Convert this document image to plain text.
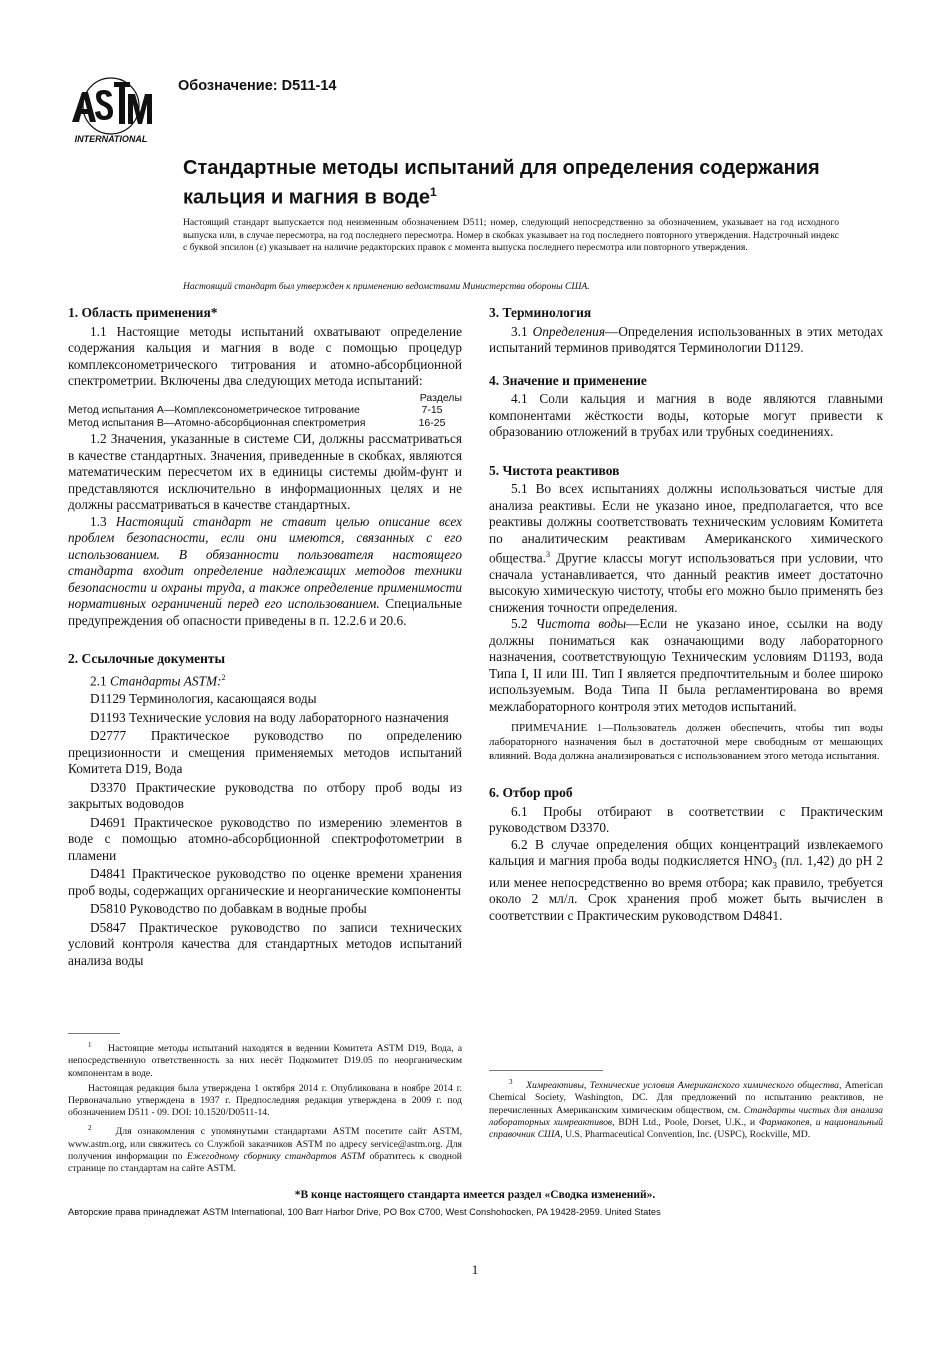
INTERNATIONAL
Обозначение: D511-14
Стандартные методы испытаний для определения содержания кальция и магния в воде$^1$
Настоящий стандарт выпускается под неизменным обозначением D511; номер, следующий непосредственно за обозначением, указывает на год исходного выпуска или, в случае пересмотра, на год последнего пересмотра. Номер в скобках указывает на год последнего повторного утверждения. Надстрочный индекс с буквой эпсилон (ε) указывает на наличие редакторских правок с момента выпуска последнего пересмотра или повторного утверждения.
Настоящий стандарт был утвержден к применению ведомствами Министерства обороны США.
1. Область применения*

1.1 Настоящие методы испытаний охватывают определение содержания кальция и магния в воде с помощью процедур комплексонометрического титрования и атомно-абсорбционной спектрометрии. Включены два следующих метода испытаний:

Разделы
Метод испытания A—Комплексонометрическое титрование	7-15
Метод испытания B—Атомно-абсорбционная спектрометрия	16-25

1.2 Значения, указанные в системе СИ, должны рассматриваться в качестве стандартных. Значения, приведенные в скобках, являются математическим пересчетом их в единицы системы дюйм-фунт и представляются исключительно в информационных целях и не должны рассматриваться в качестве стандартных.

1.3 Настоящий стандарт не ставит целью описание всех проблем безопасности, если они имеются, связанных с его использованием. В обязанности пользователя настоящего стандарта входит определение надлежащих методов техники безопасности и охраны труда, а также определение применимости нормативных ограничений перед его использованием. Специальные предупреждения об опасности приведены в п. 12.2.6 и 20.6.

2. Ссылочные документы

2.1 Стандарты ASTM:$^2$

D1129 Терминология, касающаяся воды

D1193 Технические условия на воду лабораторного назначения

D2777 Практическое руководство по определению прецизионности и смещения применяемых методов испытаний Комитета D19, Вода

D3370 Практические руководства по отбору проб воды из закрытых водоводов

D4691 Практическое руководство по измерению элементов в воде с помощью атомно-абсорбционной спектрофотометрии в пламени

D4841 Практическое руководство по оценке времени хранения проб воды, содержащих органические и неорганические компоненты

D5810 Руководство по добавкам в водные пробы

D5847 Практическое руководство по записи технических условий контроля качества для стандартных методов испытаний анализа воды

3. Терминология

3.1 Определения—Определения использованных в этих методах испытаний терминов приводятся Терминологии D1129.

4. Значение и применение

4.1 Соли кальция и магния в воде являются главными компонентами жёсткости воды, которые могут привести к образованию отложений в трубах или трубных соединениях.

5. Чистота реактивов

5.1 Во всех испытаниях должны использоваться чистые для анализа реактивы. Если не указано иное, предполагается, что все реактивы должны соответствовать техническим условиям Комитета по аналитическим реактивам Американского химического общества.$^3$ Другие классы могут использоваться при условии, что сначала устанавливается, что данный реактив имеет достаточно высокую химическую чистоту, чтобы его можно было применять без снижения точности определения.

5.2 Чистота воды—Если не указано иное, ссылки на воду должны пониматься как означающими воду лабораторного назначения, соответствующую Техническим условиям D1193, вода Типа I, II или III. Тип I является предпочтительным и более широко используемым. Вода Типа II была регламентирована во время межлабораторного контроля этих методов испытаний.

ПРИМЕЧАНИЕ 1—Пользователь должен обеспечить, чтобы тип воды лабораторного назначения был в достаточной мере свободным от мешающих влияний. Вода должна анализироваться с использованием этого метода испытания.

6. Отбор проб

6.1 Пробы отбирают в соответствии с Практическим руководством D3370.

6.2 В случае определения общих концентраций извлекаемого кальция и магния проба воды подкисляется $HNO_3$ (пл. 1,42) до pH 2 или менее непосредственно во время отбора; как правило, требуется около 2 мл/л. Срок хранения проб может быть вычислен в соответствии с Практическим руководством D4841.

$^1$ Настоящие методы испытаний находятся в ведении Комитета ASTM D19, Вода, а непосредственную ответственность за них несёт Подкомитет D19.05 по неорганическим компонентам в воде.

Настоящая редакция была утверждена 1 октября 2014 г. Опубликована в ноябре 2014 г. Первоначально утверждена в 1937 г. Предпоследняя редакция утверждена в 2009 г. под обозначением D511 - 09. DOI: 10.1520/D0511-14.

$^2$ Для ознакомления с упомянутыми стандартами ASTM посетите сайт ASTM, www.astm.org, или свяжитесь со Службой заказчиков ASTM по адресу service@astm.org. Для получения информации по Ежегодному сборнику стандартов ASTM обратитесь к сводной странице по стандартам на сайте ASTM.

$^3$ Химреактивы, Технические условия Американского химического общества, American Chemical Society, Washington, DC. Для предложений по испытанию реактивов, не перечисленных Американским химическим обществом, см. Стандарты чистых для анализа лабораторных химреактивов, BDH Ltd., Poole, Dorset, U.K., и Фармакопея, и национальный справочник США, U.S. Pharmaceutical Convention, Inc. (USPC), Rockville, MD.

*В конце настоящего стандарта имеется раздел «Сводка изменений».
Авторские права принадлежат ASTM International, 100 Barr Harbor Drive, PO Box C700, West Conshohocken, PA 19428-2959. United States
1
